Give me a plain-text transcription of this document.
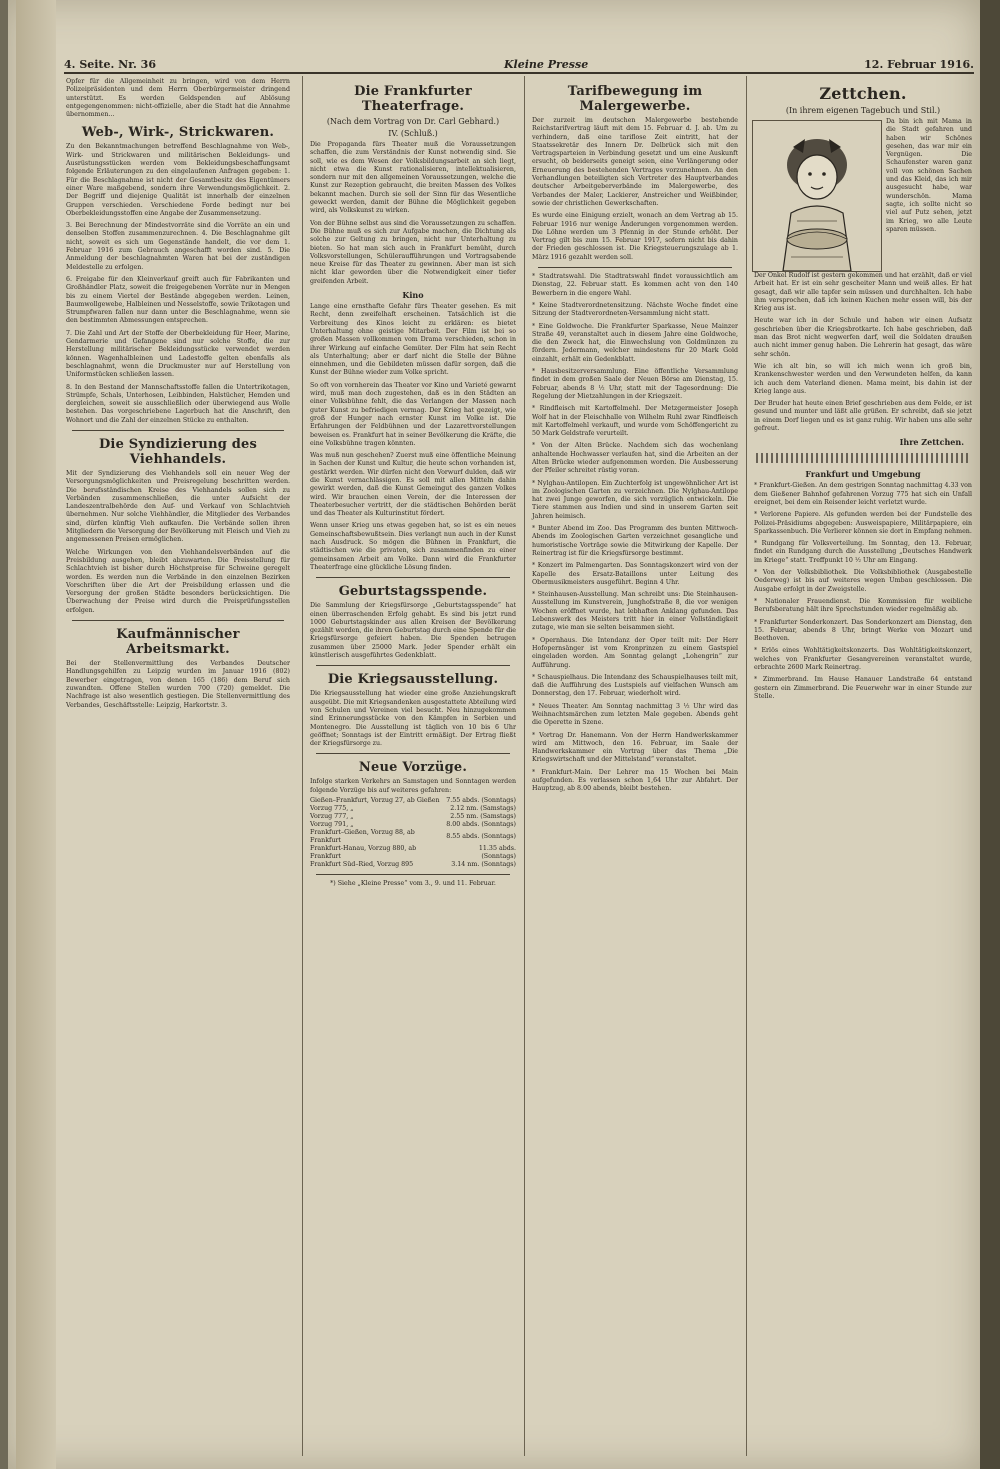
4. Seite. Nr. 36	Kleine Presse	12. Februar 1916.
Opfer für die Allgemeinheit zu bringen, wird von dem Herrn Polizeipräsidenten und dem Herrn Oberbürgermeister dringend unterstützt. Es werden Geldspenden auf Ablösung entgegengenommen: nicht-offizielle, aber die Stadt hat die Annahme übernommen...
Web-, Wirk-, Strickwaren.
Zu den Bekanntmachungen betreffend Beschlagnahme von Web-, Wirk- und Strickwaren und militärischen Bekleidungs- und Ausrüstungsstücken werden vom Bekleidungsbeschaffungsamt folgende Erläuterungen zu den eingelaufenen Anfragen gegeben: 1. Für die Beschlagnahme ist nicht der Gesamtbesitz des Eigentümers einer Ware maßgebend, sondern ihre Verwendungsmöglichkeit. 2. Der Begriff und diejenige Qualität ist innerhalb der einzelnen Gruppen verschieden. Verschiedene Forde bedingt nur bei Oberbekleidungsstoffen eine Angabe der Zusammensetzung.
3. Bei Berechnung der Mindestvorräte sind die Vorräte an ein und denselben Stoffen zusammenzurechnen. 4. Die Beschlagnahme gilt nicht, soweit es sich um Gegenstände handelt, die vor dem 1. Februar 1916 zum Gebrauch angeschafft worden sind. 5. Die Anmeldung der beschlagnahmten Waren hat bei der zuständigen Meldestelle zu erfolgen.
6. Freigabe für den Kleinverkauf greift auch für Fabrikanten und Großhändler Platz, soweit die freigegebenen Vorräte nur in Mengen bis zu einem Viertel der Bestände abgegeben werden. Leinen, Baumwollgewebe, Halbleinen und Nesselstoffe, sowie Trikotagen und Strumpfwaren fallen nur dann unter die Beschlagnahme, wenn sie den bestimmten Abmessungen entsprechen.
7. Die Zahl und Art der Stoffe der Oberbekleidung für Heer, Marine, Gendarmerie und Gefangene sind nur solche Stoffe, die zur Herstellung militärischer Bekleidungsstücke verwendet werden können. Wagenhalbleinen und Ladestoffe gelten ebenfalls als beschlagnahmt, wenn die Druckmuster nur auf Herstellung von Uniformstücken schließen lassen.
8. In den Bestand der Mannschaftsstoffe fallen die Untertrikotagen, Strümpfe, Schals, Unterhosen, Leibbinden, Halstücher, Hemden und dergleichen, soweit sie ausschließlich oder überwiegend aus Wolle bestehen. Das vorgeschriebene Lagerbuch hat die Anschrift, den Wohnort und die Zahl der einzelnen Stücke zu enthalten.
Die Syndizierung des Viehhandels.
Mit der Syndizierung des Viehhandels soll ein neuer Weg der Versorgungsmöglichkeiten und Preisregelung beschritten werden. Die berufsständischen Kreise des Viehhandels sollen sich zu Verbänden zusammenschließen, die unter Aufsicht der Landeszentralbehörde den Auf- und Verkauf von Schlachtvieh übernehmen. Nur solche Viehhändler, die Mitglieder des Verbandes sind, dürfen künftig Vieh aufkaufen. Die Verbände sollen ihren Mitgliedern die Versorgung der Bevölkerung mit Fleisch und Vieh zu angemessenen Preisen ermöglichen.
Welche Wirkungen von den Viehhandelsverbänden auf die Preisbildung ausgehen, bleibt abzuwarten. Die Preisstellung für Schlachtvieh ist bisher durch Höchstpreise für Schweine geregelt worden. Es werden nun die Verbände in den einzelnen Bezirken Vorschriften über die Art der Preisbildung erlassen und die Versorgung der großen Städte besonders berücksichtigen. Die Überwachung der Preise wird durch die Preisprüfungsstellen erfolgen.
Kaufmännischer Arbeitsmarkt.
Bei der Stellenvermittlung des Verbandes Deutscher Handlungsgehilfen zu Leipzig wurden im Januar 1916 (802) Bewerber eingetragen, von denen 165 (186) dem Beruf sich zuwandten. Offene Stellen wurden 700 (720) gemeldet. Die Nachfrage ist also wesentlich gestiegen. Die Stellenvermittlung des Verbandes, Geschäftsstelle: Leipzig, Harkortstr. 3.
Die Frankfurter Theaterfrage.
(Nach dem Vortrag von Dr. Carl Gebhard.)
IV. (Schluß.)
Die Propaganda fürs Theater muß die Voraussetzungen schaffen, die zum Verständnis der Kunst notwendig sind. Sie soll, wie es dem Wesen der Volksbildungsarbeit an sich liegt, nicht etwa die Kunst rationalisieren, intellektualisieren, sondern nur mit den allgemeinen Voraussetzungen, welche die Kunst zur Rezeption gebraucht, die breiten Massen des Volkes bekannt machen. Durch sie soll der Sinn für das Wesentliche geweckt werden, damit der Bühne die Möglichkeit gegeben wird, als Volkskunst zu wirken.
Von der Bühne selbst aus sind die Voraussetzungen zu schaffen. Die Bühne muß es sich zur Aufgabe machen, die Dichtung als solche zur Geltung zu bringen, nicht nur Unterhaltung zu bieten. So hat man sich auch in Frankfurt bemüht, durch Volksvorstellungen, Schüleraufführungen und Vortragsabende neue Kreise für das Theater zu gewinnen. Aber man ist sich nicht klar geworden über die Notwendigkeit einer tiefer greifenden Arbeit.
Kino
Lange eine ernsthafte Gefahr fürs Theater gesehen. Es mit Recht, denn zweifelhaft erscheinen. Tatsächlich ist die Verbreitung des Kinos leicht zu erklären: es bietet Unterhaltung ohne geistige Mitarbeit. Der Film ist bei so großen Massen vollkommen vom Drama verschieden, schon in ihrer Wirkung auf einfache Gemüter. Der Film hat sein Recht als Unterhaltung; aber er darf nicht die Stelle der Bühne einnehmen, und die Gebildeten müssen dafür sorgen, daß die Kunst der Bühne wieder zum Volke spricht.
So oft von vornherein das Theater vor Kino und Varieté gewarnt wird, muß man doch zugestehen, daß es in den Städten an einer Volksbühne fehlt, die das Verlangen der Massen nach guter Kunst zu befriedigen vermag. Der Krieg hat gezeigt, wie groß der Hunger nach ernster Kunst im Volke ist. Die Erfahrungen der Feldbühnen und der Lazarettvorstellungen beweisen es. Frankfurt hat in seiner Bevölkerung die Kräfte, die eine Volksbühne tragen könnten.
Was muß nun geschehen? Zuerst muß eine öffentliche Meinung in Sachen der Kunst und Kultur, die heute schon vorhanden ist, gestärkt werden. Wir dürfen nicht den Vorwurf dulden, daß wir die Kunst vernachlässigen. Es soll mit allen Mitteln dahin gewirkt werden, daß die Kunst Gemeingut des ganzen Volkes wird. Wir brauchen einen Verein, der die Interessen der Theaterbesucher vertritt, der die städtischen Behörden berät und das Theater als Kulturinstitut fördert.
Wenn unser Krieg uns etwas gegeben hat, so ist es ein neues Gemeinschaftsbewußtsein. Dies verlangt nun auch in der Kunst nach Ausdruck. So mögen die Bühnen in Frankfurt, die städtischen wie die privaten, sich zusammenfinden zu einer gemeinsamen Arbeit am Volke. Dann wird die Frankfurter Theaterfrage eine glückliche Lösung finden.
Geburtstagsspende.
Die Sammlung der Kriegsfürsorge „Geburtstagsspende“ hat einen überraschenden Erfolg gehabt. Es sind bis jetzt rund 1000 Geburtstagskinder aus allen Kreisen der Bevölkerung gezählt worden, die ihren Geburtstag durch eine Spende für die Kriegsfürsorge gefeiert haben. Die Spenden betrugen zusammen über 25000 Mark. Jeder Spender erhält ein künstlerisch ausgeführtes Gedenkblatt.
Die Kriegsausstellung.
Die Kriegsausstellung hat wieder eine große Anziehungskraft ausgeübt. Die mit Kriegsandenken ausgestattete Abteilung wird von Schulen und Vereinen viel besucht. Neu hinzugekommen sind Erinnerungsstücke von den Kämpfen in Serbien und Montenegro. Die Ausstellung ist täglich von 10 bis 6 Uhr geöffnet; Sonntags ist der Eintritt ermäßigt. Der Ertrag fließt der Kriegsfürsorge zu.
Neue Vorzüge.
Infolge starken Verkehrs an Samstagen und Sonntagen werden folgende Vorzüge bis auf weiteres gefahren:
Gießen–Frankfurt, Vorzug 27, ab Gießen	7.55 abds. (Sonntags)
Vorzug 775, „	2.12 nm. (Samstags)
Vorzug 777, „	2.55 nm. (Samstags)
Vorzug 791, „	8.00 abds. (Sonntags)
Frankfurt–Gießen, Vorzug 88, ab Frankfurt	8.55 abds. (Sonntags)
Frankfurt-Hanau, Vorzug 880, ab Frankfurt	11.35 abds. (Sonntags)
Frankfurt Süd–Ried, Vorzug 895	3.14 nm. (Sonntags)
*) Siehe „Kleine Presse“ vom 3., 9. und 11. Februar.
Tarifbewegung im Malergewerbe.
Der zurzeit im deutschen Malergewerbe bestehende Reichstarifvertrag läuft mit dem 15. Februar d. J. ab. Um zu verhindern, daß eine tariflose Zeit eintritt, hat der Staatssekretär des Innern Dr. Delbrück sich mit den Vertragsparteien in Verbindung gesetzt und um eine Auskunft ersucht, ob beiderseits geneigt seien, eine Verlängerung oder Erneuerung des bestehenden Vertrages vorzunehmen. An den Verhandlungen beteiligten sich Vertreter des Hauptverbandes deutscher Arbeitgeberverbände im Malergewerbe, des Verbandes der Maler, Lackierer, Anstreicher und Weißbinder, sowie der christlichen Gewerkschaften.
Es wurde eine Einigung erzielt, wonach an dem Vertrag ab 15. Februar 1916 nur wenige Änderungen vorgenommen werden. Die Löhne werden um 3 Pfennig in der Stunde erhöht. Der Vertrag gilt bis zum 15. Februar 1917, sofern nicht bis dahin der Frieden geschlossen ist. Die Kriegsteuerungszulage ab 1. März 1916 gezahlt werden soll.
* Stadtratswahl. Die Stadtratswahl findet voraussichtlich am Dienstag, 22. Februar statt. Es kommen acht von den 140 Bewerbern in die engere Wahl.
* Keine Stadtverordnetensitzung. Nächste Woche findet eine Sitzung der Stadtverordneten-Versammlung nicht statt.
* Eine Goldwoche. Die Frankfurter Sparkasse, Neue Mainzer Straße 49, veranstaltet auch in diesem Jahre eine Goldwoche, die den Zweck hat, die Einwechslung von Goldmünzen zu fördern. Jedermann, welcher mindestens für 20 Mark Gold einzahlt, erhält ein Gedenkblatt.
* Hausbesitzerversammlung. Eine öffentliche Versammlung findet in dem großen Saale der Neuen Börse am Dienstag, 15. Februar, abends 8 ½ Uhr, statt mit der Tagesordnung: Die Regelung der Mietzahlungen in der Kriegszeit.
* Rindfleisch mit Kartoffelmehl. Der Metzgermeister Joseph Wolf hat in der Fleischhalle von Wilhelm Ruhl zwar Rindfleisch mit Kartoffelmehl verkauft, und wurde vom Schöffengericht zu 50 Mark Geldstrafe verurteilt.
* Von der Alten Brücke. Nachdem sich das wochenlang anhaltende Hochwasser verlaufen hat, sind die Arbeiten an der Alten Brücke wieder aufgenommen worden. Die Ausbesserung der Pfeiler schreitet rüstig voran.
* Nylghau-Antilopen. Ein Zuchterfolg ist ungewöhnlicher Art ist im Zoologischen Garten zu verzeichnen. Die Nylghau-Antilope hat zwei Junge geworfen, die sich vorzüglich entwickeln. Die Tiere stammen aus Indien und sind in unserem Garten seit Jahren heimisch.
* Bunter Abend im Zoo. Das Programm des bunten Mittwoch-Abends im Zoologischen Garten verzeichnet gesangliche und humoristische Vorträge sowie die Mitwirkung der Kapelle. Der Reinertrag ist für die Kriegsfürsorge bestimmt.
* Konzert im Palmengarten. Das Sonntagskonzert wird von der Kapelle des Ersatz-Bataillons unter Leitung des Obermusikmeisters ausgeführt. Beginn 4 Uhr.
* Steinhausen-Ausstellung. Man schreibt uns: Die Steinhausen-Ausstellung im Kunstverein, Junghofstraße 8, die vor wenigen Wochen eröffnet wurde, hat lebhaften Anklang gefunden. Das Lebenswerk des Meisters tritt hier in einer Vollständigkeit zutage, wie man sie selten beisammen sieht.
* Opernhaus. Die Intendanz der Oper teilt mit: Der Herr Hofopernsänger ist vom Kronprinzen zu einem Gastspiel eingeladen worden. Am Sonntag gelangt „Lohengrin“ zur Aufführung.
* Schauspielhaus. Die Intendanz des Schauspielhauses teilt mit, daß die Aufführung des Lustspiels auf vielfachen Wunsch am Donnerstag, den 17. Februar, wiederholt wird.
* Neues Theater. Am Sonntag nachmittag 3 ½ Uhr wird das Weihnachtsmärchen zum letzten Male gegeben. Abends geht die Operette in Szene.
* Vortrag Dr. Hanemann. Von der Herrn Handwerkskammer wird am Mittwoch, den 16. Februar, im Saale der Handwerkskammer ein Vortrag über das Thema „Die Kriegswirtschaft und der Mittelstand“ veranstaltet.
* Frankfurt-Main. Der Lehrer ma 15 Wochen bei Main aufgefunden. Es verlassen schon 1,64 Uhr zur Abfahrt. Der Hauptzug, ab 8.00 abends, bleibt bestehen.
Zettchen.
(In ihrem eigenen Tagebuch und Stil.)
Da bin ich mit Mama in die Stadt gefahren und haben wir Schönes gesehen, das war mir ein Vergnügen. Die Schaufenster waren ganz voll von schönen Sachen und das Kleid, das ich mir ausgesucht habe, war wunderschön. Mama sagte, ich sollte nicht so viel auf Putz sehen, jetzt im Krieg, wo alle Leute sparen müssen.
Der Onkel Rudolf ist gestern gekommen und hat erzählt, daß er viel Arbeit hat. Er ist ein sehr gescheiter Mann und weiß alles. Er hat gesagt, daß wir alle tapfer sein müssen und durchhalten. Ich habe ihm versprochen, daß ich keinen Kuchen mehr essen will, bis der Krieg aus ist.
Heute war ich in der Schule und haben wir einen Aufsatz geschrieben über die Kriegsbrotkarte. Ich habe geschrieben, daß man das Brot nicht wegwerfen darf, weil die Soldaten draußen auch nicht immer genug haben. Die Lehrerin hat gesagt, das wäre sehr schön.
Wie ich alt bin, so will ich mich wenn ich groß bin, Krankenschwester werden und den Verwundeten helfen, da kann ich auch dem Vaterland dienen. Mama meint, bis dahin ist der Krieg lange aus.
Der Bruder hat heute einen Brief geschrieben aus dem Felde, er ist gesund und munter und läßt alle grüßen. Er schreibt, daß sie jetzt in einem Dorf liegen und es ist ganz ruhig. Wir haben uns alle sehr gefreut.
Ihre Zettchen.
Frankfurt und Umgebung
* Frankfurt-Gießen. An dem gestrigen Sonntag nachmittag 4.33 von dem Gießener Bahnhof gefahrenen Vorzug 775 hat sich ein Unfall ereignet, bei dem ein Reisender leicht verletzt wurde.
* Verlorene Papiere. Als gefunden werden bei der Fundstelle des Polizei-Präsidiums abgegeben: Ausweispapiere, Militärpapiere, ein Sparkassenbuch. Die Verlierer können sie dort in Empfang nehmen.
* Rundgang für Volksverteilung. Im Sonntag, den 13. Februar, findet ein Rundgang durch die Ausstellung „Deutsches Handwerk im Kriege“ statt. Treffpunkt 10 ½ Uhr am Eingang.
* Von der Volksbibliothek. Die Volksbibliothek (Ausgabestelle Oederweg) ist bis auf weiteres wegen Umbau geschlossen. Die Ausgabe erfolgt in der Zweigstelle.
* Nationaler Frauendienst. Die Kommission für weibliche Berufsberatung hält ihre Sprechstunden wieder regelmäßig ab.
* Frankfurter Sonderkonzert. Das Sonderkonzert am Dienstag, den 15. Februar, abends 8 Uhr, bringt Werke von Mozart und Beethoven.
* Erlös eines Wohltätigkeitskonzerts. Das Wohltätigkeitskonzert, welches von Frankfurter Gesangvereinen veranstaltet wurde, erbrachte 2600 Mark Reinertrag.
* Zimmerbrand. Im Hause Hanauer Landstraße 64 entstand gestern ein Zimmerbrand. Die Feuerwehr war in einer Stunde zur Stelle.
